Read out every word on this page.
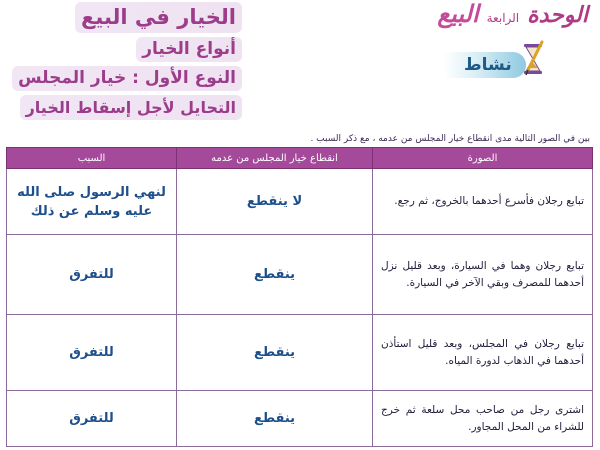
الوحدة
الرابعة
البيع
الخيار في البيع
أنواع الخيار
النوع الأول : خيار المجلس
التحايل لأجل إسقاط الخيار
نشاط
بين في الصور التالية مدى انقطاع خيار المجلس من عدمه ، مع ذكر السبب .
الصورة	انقطاع خيار المجلس من عدمه	السبب
تبايع رجلان فأسرع أحدهما بالخروج، ثم رجع.	لا ينقطع	لنهي الرسول صلى الله عليه وسلم عن ذلك
تبايع رجلان وهما في السيارة، وبعد قليل نزل أحدهما للمصرف وبقي الآخر في السيارة.	ينقطع	للتفرق
تبايع رجلان في المجلس، وبعد قليل استأذن أحدهما في الذهاب لدورة المياه.	ينقطع	للتفرق
اشترى رجل من صاحب محل سلعة ثم خرج للشراء من المحل المجاور.	ينقطع	للتفرق
